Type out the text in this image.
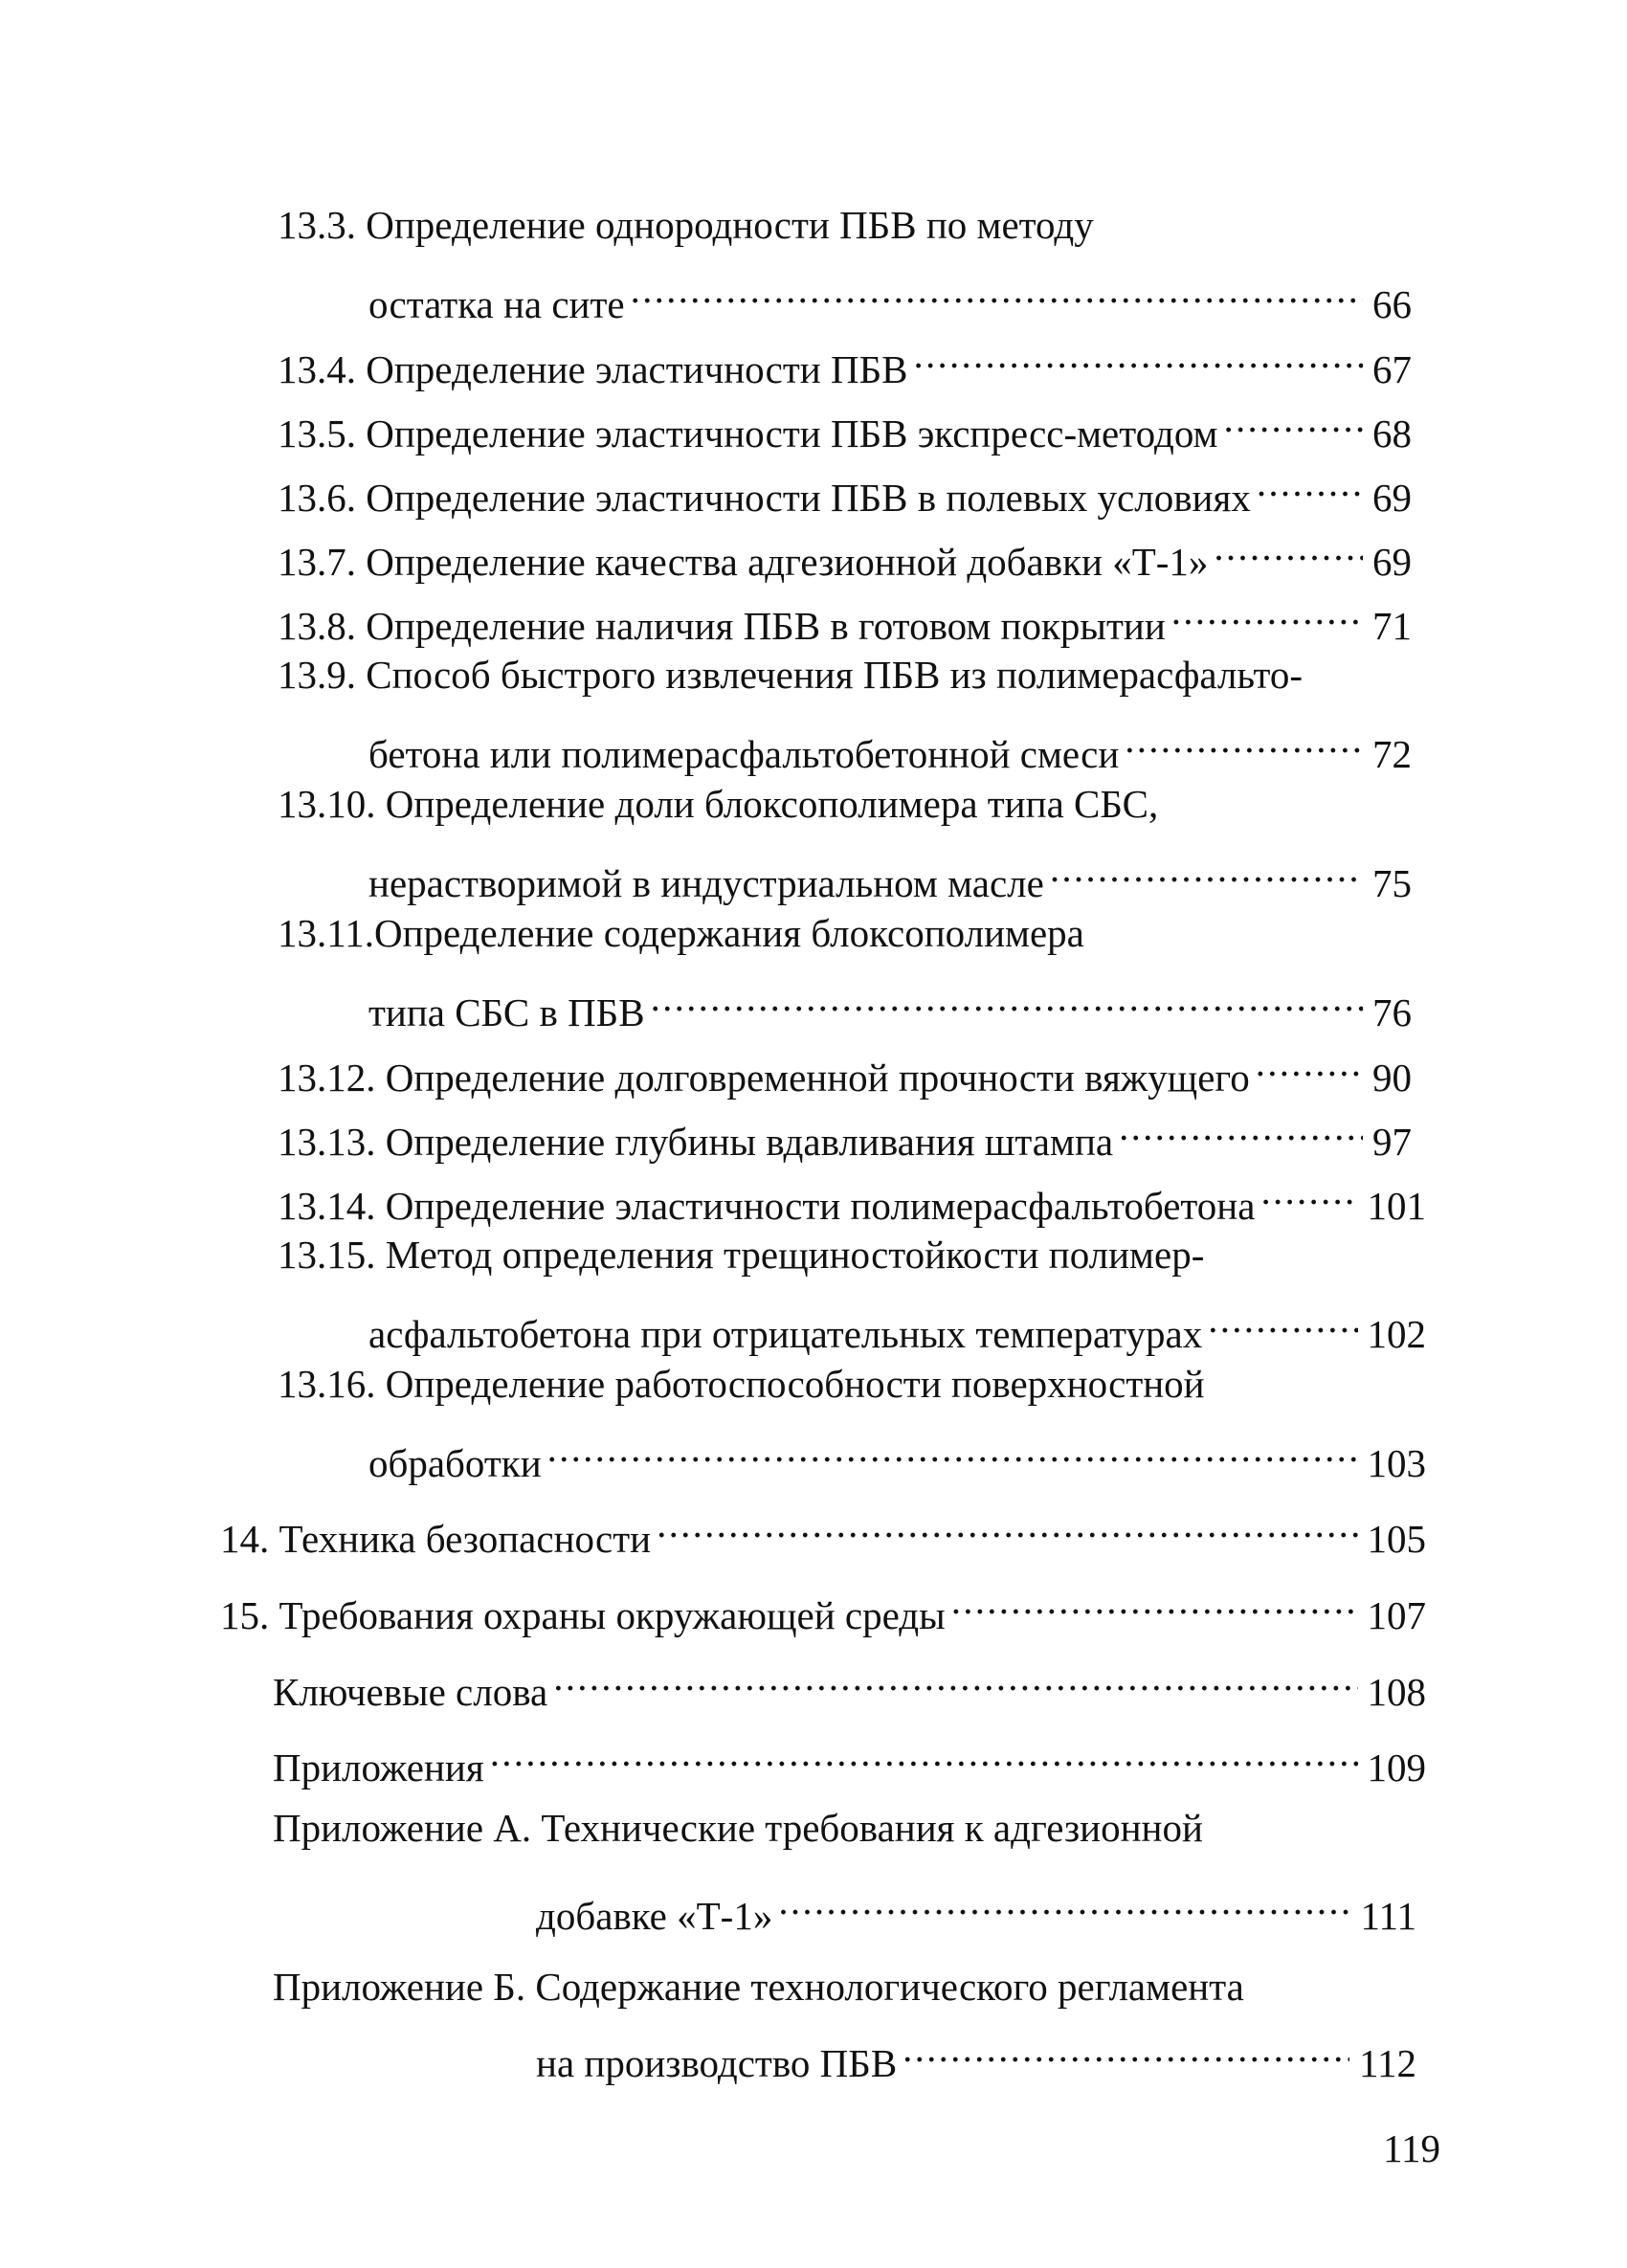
13.3. Определение однородности ПБВ по методу
остатка на сите . . .	66
13.4. Определение эластичности ПБВ . . .	67
13.5. Определение эластичности ПБВ экспресс-методом . . .	68
13.6. Определение эластичности ПБВ в полевых условиях . . .	69
13.7. Определение качества адгезионной добавки «Т-1» . . .	69
13.8. Определение наличия ПБВ в готовом покрытии . . .	71
13.9. Способ быстрого извлечения ПБВ из полимерасфальто-
бетона или полимерасфальтобетонной смеси . . .	72
13.10. Определение доли блоксополимера типа СБС,
нерастворимой в индустриальном масле . . .	75
13.11.Определение содержания блоксополимера
типа СБС в ПБВ . . .	76
13.12. Определение долговременной прочности вяжущего . . .	90
13.13. Определение глубины вдавливания штампа . . .	97
13.14. Определение эластичности полимерасфальтобетона . . .	101
13.15. Метод определения трещиностойкости полимер-
асфальтобетона при отрицательных температурах . . .	102
13.16. Определение работоспособности поверхностной
обработки . . .	103
14. Техника безопасности . . .	105
15. Требования охраны окружающей среды . . .	107
Ключевые слова . . .	108
Приложения . . .	109
Приложение А. Технические требования к адгезионной
добавке «Т-1» . . .	111
Приложение Б. Содержание технологического регламента
на производство ПБВ . . .	112
119
